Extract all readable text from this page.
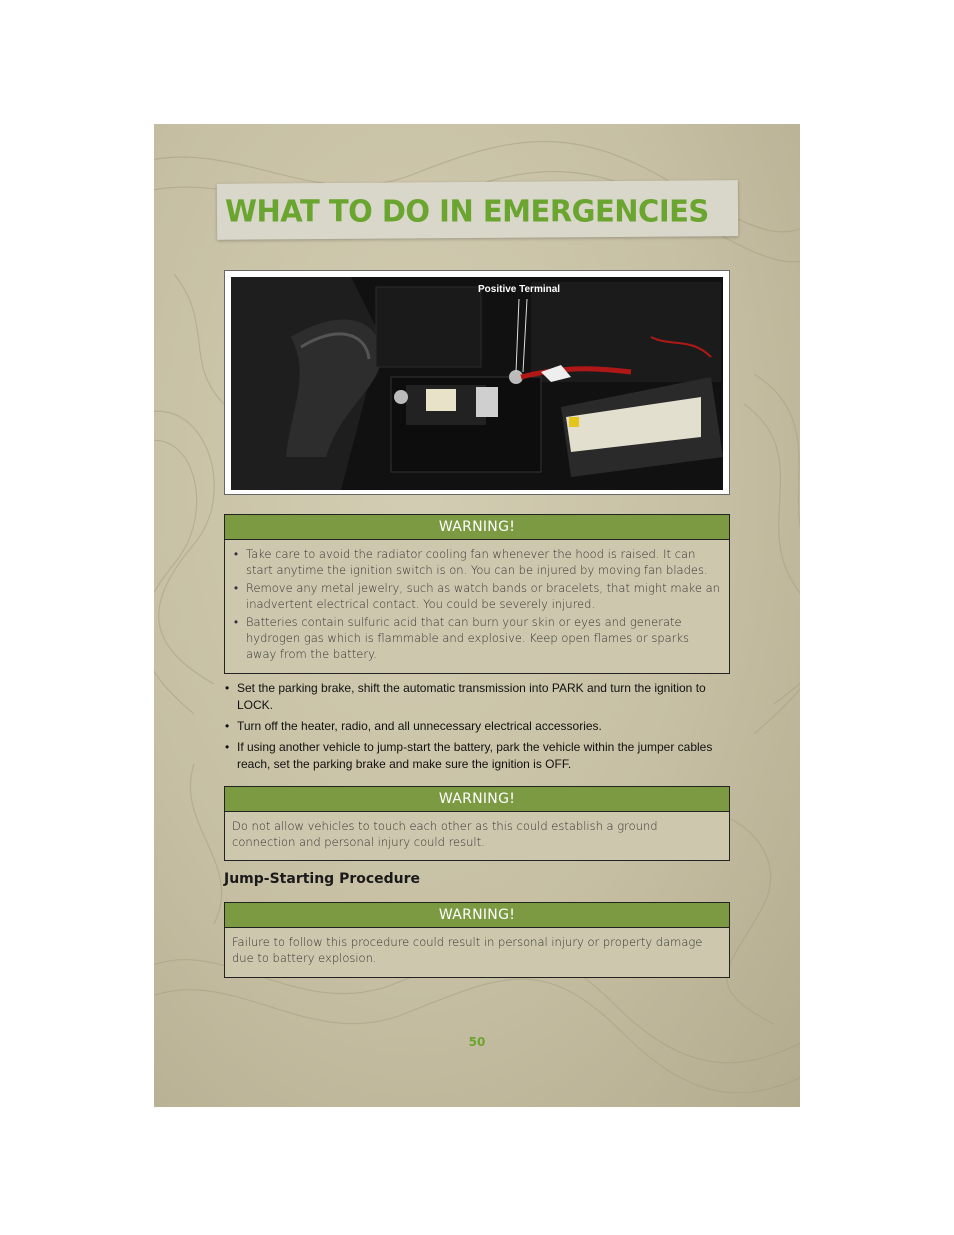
WHAT TO DO IN EMERGENCIES
Positive Terminal
WARNING!
• Take care to avoid the radiator cooling fan whenever the hood is raised. It can start anytime the ignition switch is on. You can be injured by moving fan blades.
• Remove any metal jewelry, such as watch bands or bracelets, that might make an inadvertent electrical contact. You could be severely injured.
• Batteries contain sulfuric acid that can burn your skin or eyes and generate hydrogen gas which is flammable and explosive. Keep open flames or sparks away from the battery.
• Set the parking brake, shift the automatic transmission into PARK and turn the ignition to LOCK.
• Turn off the heater, radio, and all unnecessary electrical accessories.
• If using another vehicle to jump-start the battery, park the vehicle within the jumper cables reach, set the parking brake and make sure the ignition is OFF.
WARNING!
Do not allow vehicles to touch each other as this could establish a ground connection and personal injury could result.
Jump-Starting Procedure
WARNING!
Failure to follow this procedure could result in personal injury or property damage due to battery explosion.
50
